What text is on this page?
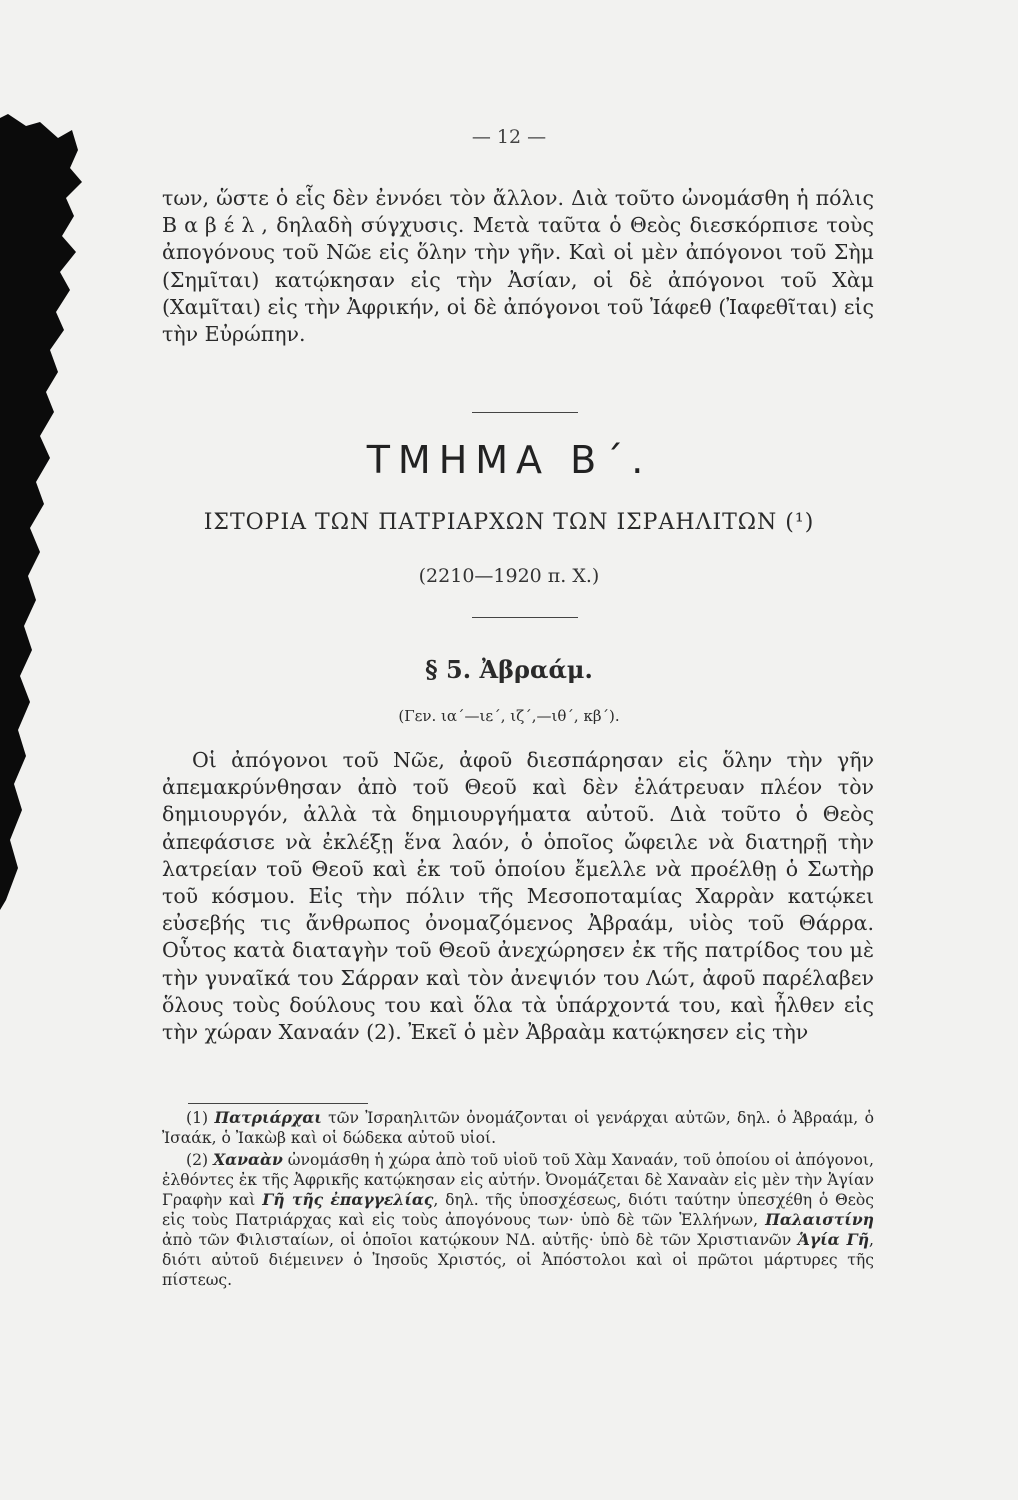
— 12 —

των, ὥστε ὁ εἷς δὲν ἐννόει τὸν ἄλλον. Διὰ τοῦτο ὠνομάσθη ἡ πόλις Βαβέλ, δηλαδὴ σύγχυσις. Μετὰ ταῦτα ὁ Θεὸς διεσκόρπισε τοὺς ἀπογόνους τοῦ Νῶε εἰς ὅλην τὴν γῆν. Καὶ οἱ μὲν ἀπόγονοι τοῦ Σὴμ (Σημῖται) κατῴκησαν εἰς τὴν Ἀσίαν, οἱ δὲ ἀπόγονοι τοῦ Χὰμ (Χαμῖται) εἰς τὴν Ἀφρικήν, οἱ δὲ ἀπόγονοι τοῦ Ἰάφεθ (Ἰαφεθῖται) εἰς τὴν Εὐρώπην.

ΤΜΗΜΑ Β΄.
ΙΣΤΟΡΙΑ ΤΩΝ ΠΑΤΡΙΑΡΧΩΝ ΤΩΝ ΙΣΡΑΗΛΙΤΩΝ (¹)
(2210—1920 π. Χ.)
§ 5. Ἀβραάμ.
(Γεν. ια΄—ιε΄, ιζ΄,—ιθ΄, κβ΄).

Οἱ ἀπόγονοι τοῦ Νῶε, ἀφοῦ διεσπάρησαν εἰς ὅλην τὴν γῆν ἀπεμακρύνθησαν ἀπὸ τοῦ Θεοῦ καὶ δὲν ἐλάτρευαν πλέον τὸν δημιουργόν, ἀλλὰ τὰ δημιουργήματα αὐτοῦ. Διὰ τοῦτο ὁ Θεὸς ἀπεφάσισε νὰ ἐκλέξῃ ἕνα λαόν, ὁ ὁποῖος ὤφειλε νὰ διατηρῇ τὴν λατρείαν τοῦ Θεοῦ καὶ ἐκ τοῦ ὁποίου ἔμελλε νὰ προέλθῃ ὁ Σωτὴρ τοῦ κόσμου. Εἰς τὴν πόλιν τῆς Μεσοποταμίας Χαρρὰν κατῴκει εὐσεβής τις ἄνθρωπος ὀνομαζόμενος Ἀβραάμ, υἱὸς τοῦ Θάρρα. Οὗτος κατὰ διαταγὴν τοῦ Θεοῦ ἀνεχώρησεν ἐκ τῆς πατρίδος του μὲ τὴν γυναῖκά του Σάρραν καὶ τὸν ἀνεψιόν του Λώτ, ἀφοῦ παρέλαβεν ὅλους τοὺς δούλους του καὶ ὅλα τὰ ὑπάρχοντά του, καὶ ἦλθεν εἰς τὴν χώραν Χαναάν (2). Ἐκεῖ ὁ μὲν Ἀβραὰμ κατῴκησεν εἰς τὴν

(1) Πατριάρχαι τῶν Ἰσραηλιτῶν ὀνομάζονται οἱ γενάρχαι αὐτῶν, δηλ. ὁ Ἀβραάμ, ὁ Ἰσαάκ, ὁ Ἰακὼβ καὶ οἱ δώδεκα αὐτοῦ υἱοί.

(2) Χαναὰν ὠνομάσθη ἡ χώρα ἀπὸ τοῦ υἱοῦ τοῦ Χὰμ Χαναάν, τοῦ ὁποίου οἱ ἀπόγονοι, ἐλθόντες ἐκ τῆς Ἀφρικῆς κατῴκησαν εἰς αὐτήν. Ὀνομάζεται δὲ Χαναὰν εἰς μὲν τὴν Ἁγίαν Γραφὴν καὶ Γῆ τῆς ἐπαγγελίας, δηλ. τῆς ὑποσχέσεως, διότι ταύτην ὑπεσχέθη ὁ Θεὸς εἰς τοὺς Πατριάρχας καὶ εἰς τοὺς ἀπογόνους των· ὑπὸ δὲ τῶν Ἑλλήνων, Παλαιστίνη ἀπὸ τῶν Φιλισταίων, οἱ ὁποῖοι κατῴκουν ΝΔ. αὐτῆς· ὑπὸ δὲ τῶν Χριστιανῶν Ἁγία Γῆ, διότι αὐτοῦ διέμεινεν ὁ Ἰησοῦς Χριστός, οἱ Ἀπόστολοι καὶ οἱ πρῶτοι μάρτυρες τῆς πίστεως.
